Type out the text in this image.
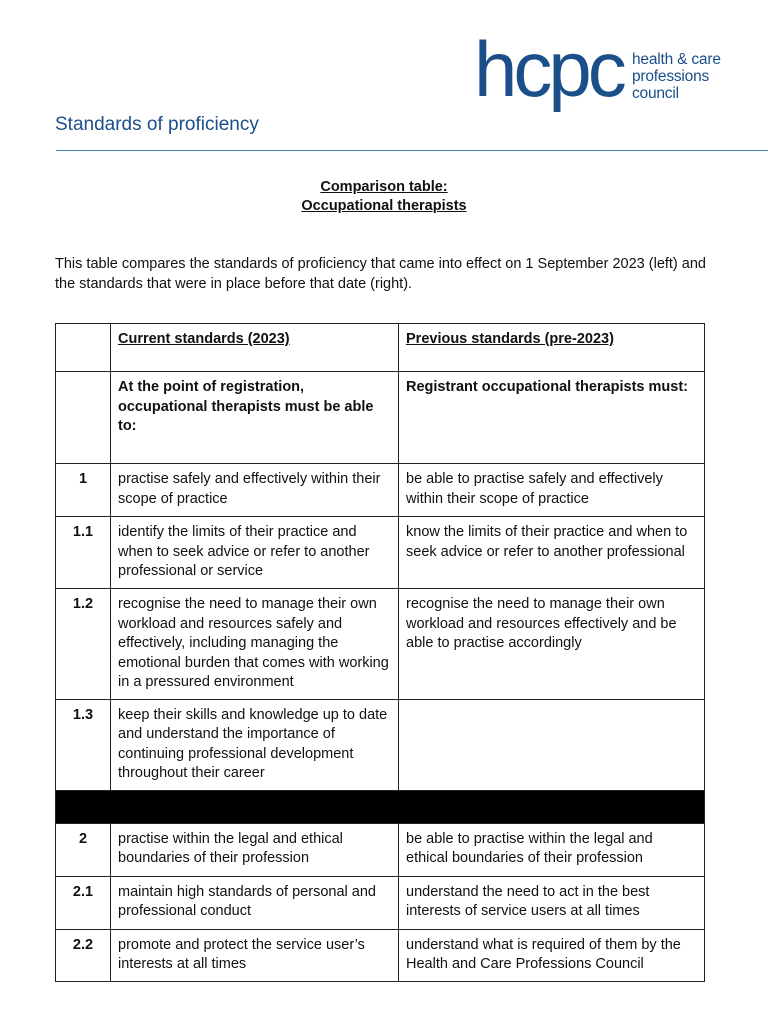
hcpc health & care
professions
council
Standards of proficiency
Comparison table:
Occupational therapists
This table compares the standards of proficiency that came into effect on 1 September 2023 (left) and the standards that were in place before that date (right).
	Current standards (2023)	Previous standards (pre-2023)
	At the point of registration, occupational therapists must be able to:	Registrant occupational therapists must:
1	practise safely and effectively within their scope of practice	be able to practise safely and effectively within their scope of practice
1.1	identify the limits of their practice and when to seek advice or refer to another professional or service	know the limits of their practice and when to seek advice or refer to another professional
1.2	recognise the need to manage their own workload and resources safely and effectively, including managing the emotional burden that comes with working in a pressured environment	recognise the need to manage their own workload and resources effectively and be able to practise accordingly
1.3	keep their skills and knowledge up to date and understand the importance of continuing professional development throughout their career	

2	practise within the legal and ethical boundaries of their profession	be able to practise within the legal and ethical boundaries of their profession
2.1	maintain high standards of personal and professional conduct	understand the need to act in the best interests of service users at all times
2.2	promote and protect the service user’s interests at all times	understand what is required of them by the Health and Care Professions Council
